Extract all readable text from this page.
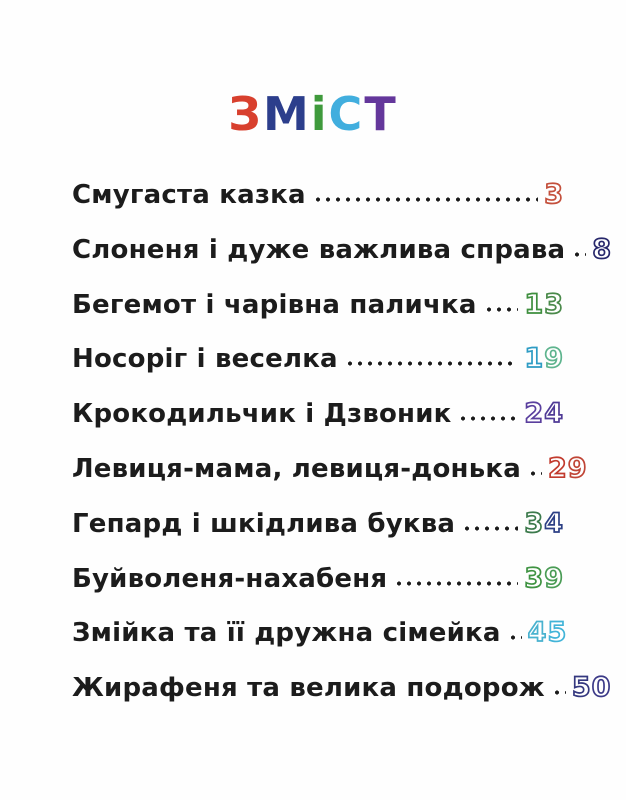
ЗМіСТ
Смугаста казка	3
Слоненя і дуже важлива справа 8
Бегемот і чарівна паличка 13
Носоріг і веселка	19
Крокодильчик і Дзвоник	24
Левиця-мама, левиця-донька 29
Гепард і шкідлива буква	34
Буйволеня-нахабеня	39
Змійка та її дружна сімейка 45
Жирафеня та велика подорож 50
